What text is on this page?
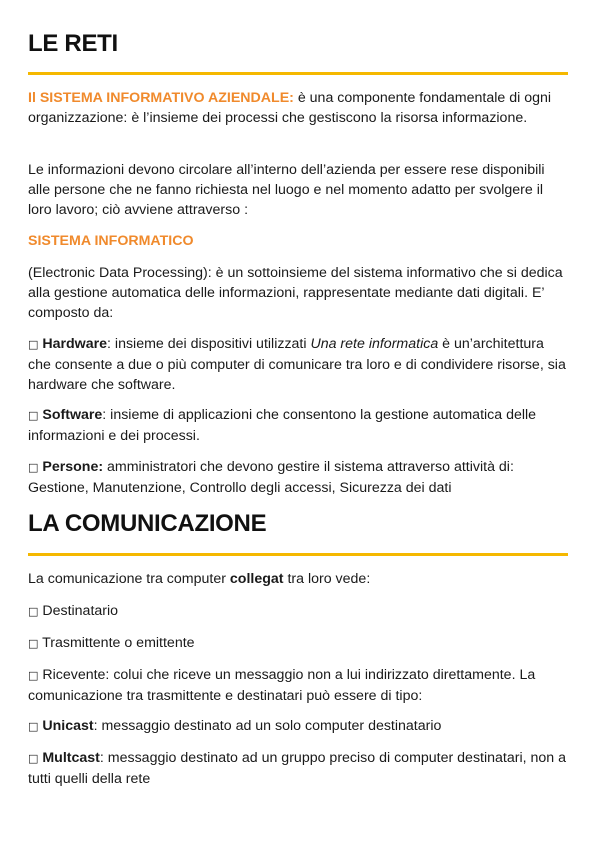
LE RETI

Il SISTEMA INFORMATIVO AZIENDALE: è una componente fondamentale di ogni organizzazione: è l’insieme dei processi che gestiscono la risorsa informazione.

Le informazioni devono circolare all’interno dell’azienda per essere rese disponibili alle persone che ne fanno richiesta nel luogo e nel momento adatto per svolgere il loro lavoro; ciò avviene attraverso :

SISTEMA INFORMATICO

(Electronic Data Processing): è un sottoinsieme del sistema informativo che si dedica alla gestione automatica delle informazioni, rappresentate mediante dati digitali. E’ composto da:

□ Hardware: insieme dei dispositivi utilizzati Una rete informatica è un’architettura che consente a due o più computer di comunicare tra loro e di condividere risorse, sia hardware che software.

□ Software: insieme di applicazioni che consentono la gestione automatica delle informazioni e dei processi.

□ Persone: amministratori che devono gestire il sistema attraverso attività di: Gestione, Manutenzione, Controllo degli accessi, Sicurezza dei dati

LA COMUNICAZIONE

La comunicazione tra computer collegat tra loro vede:

□ Destinatario

□ Trasmittente o emittente

□ Ricevente: colui che riceve un messaggio non a lui indirizzato direttamente. La comunicazione tra trasmittente e destinatari può essere di tipo:

□ Unicast: messaggio destinato ad un solo computer destinatario

□ Multcast: messaggio destinato ad un gruppo preciso di computer destinatari, non a tutti quelli della rete
